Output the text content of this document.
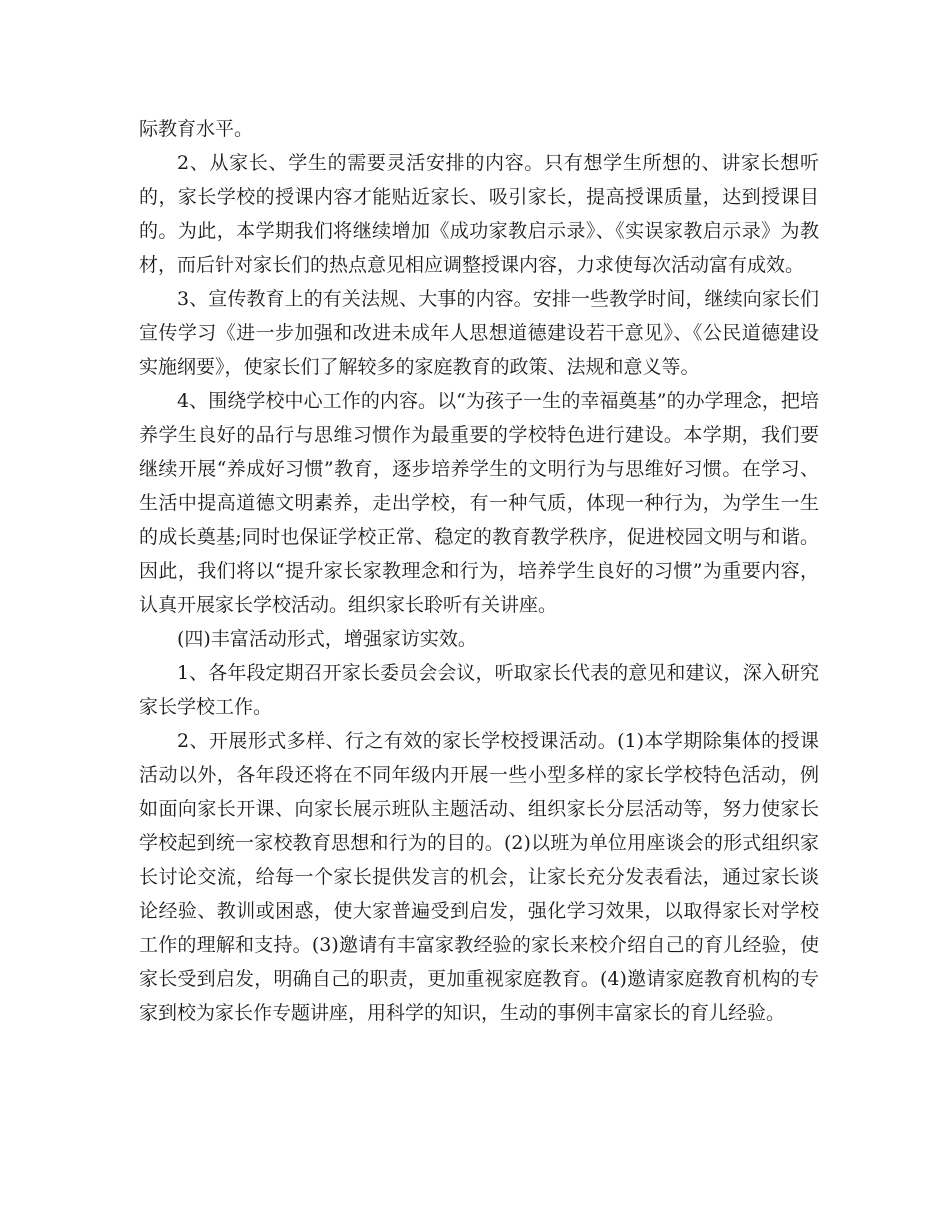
际教育水平。

2、从家长、学生的需要灵活安排的内容。只有想学生所想的、讲家长想听的，家长学校的授课内容才能贴近家长、吸引家长，提高授课质量，达到授课目的。为此，本学期我们将继续增加《成功家教启示录》、《实误家教启示录》为教材，而后针对家长们的热点意见相应调整授课内容，力求使每次活动富有成效。

3、宣传教育上的有关法规、大事的内容。安排一些教学时间，继续向家长们宣传学习《进一步加强和改进未成年人思想道德建设若干意见》、《公民道德建设实施纲要》，使家长们了解较多的家庭教育的政策、法规和意义等。

4、围绕学校中心工作的内容。以“为孩子一生的幸福奠基”的办学理念，把培养学生良好的品行与思维习惯作为最重要的学校特色进行建设。本学期，我们要继续开展“养成好习惯”教育，逐步培养学生的文明行为与思维好习惯。在学习、生活中提高道德文明素养，走出学校，有一种气质，体现一种行为，为学生一生的成长奠基;同时也保证学校正常、稳定的教育教学秩序，促进校园文明与和谐。因此，我们将以“提升家长家教理念和行为，培养学生良好的习惯”为重要内容，认真开展家长学校活动。组织家长聆听有关讲座。

(四)丰富活动形式，增强家访实效。

1、各年段定期召开家长委员会会议，听取家长代表的意见和建议，深入研究家长学校工作。

2、开展形式多样、行之有效的家长学校授课活动。(1)本学期除集体的授课活动以外，各年段还将在不同年级内开展一些小型多样的家长学校特色活动，例如面向家长开课、向家长展示班队主题活动、组织家长分层活动等，努力使家长学校起到统一家校教育思想和行为的目的。(2)以班为单位用座谈会的形式组织家长讨论交流，给每一个家长提供发言的机会，让家长充分发表看法，通过家长谈论经验、教训或困惑，使大家普遍受到启发，强化学习效果，以取得家长对学校工作的理解和支持。(3)邀请有丰富家教经验的家长来校介绍自己的育儿经验，使家长受到启发，明确自己的职责，更加重视家庭教育。(4)邀请家庭教育机构的专家到校为家长作专题讲座，用科学的知识，生动的事例丰富家长的育儿经验。
